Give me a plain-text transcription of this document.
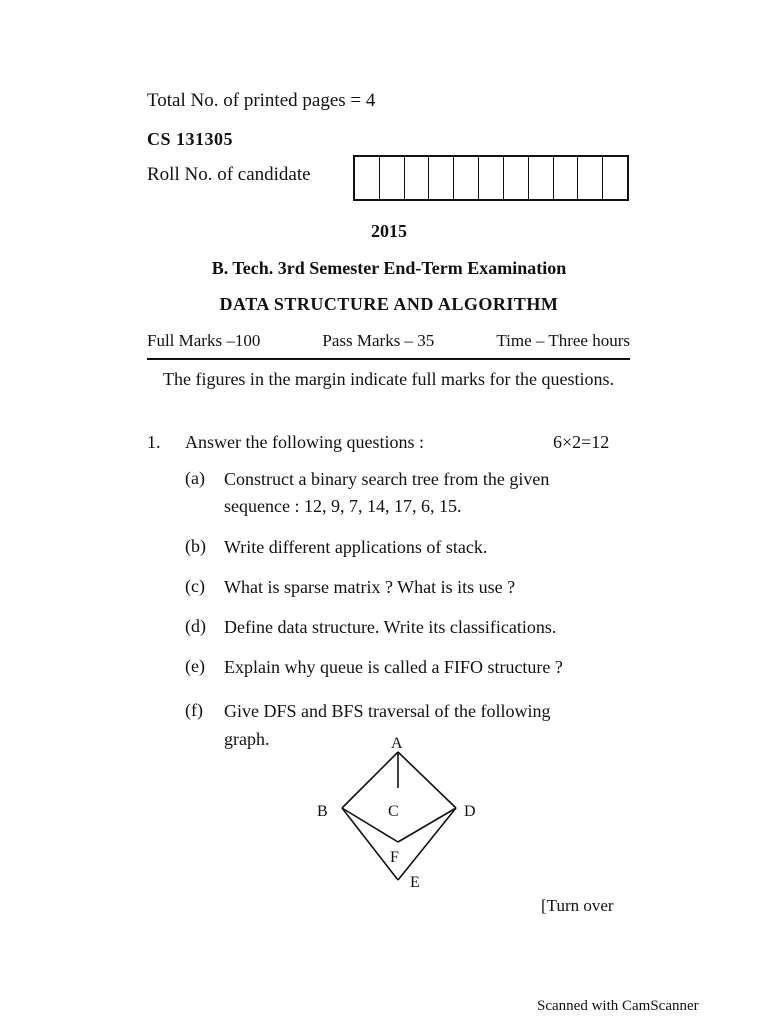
Total No. of printed pages = 4
CS 131305
Roll No. of candidate
2015
B. Tech. 3rd Semester End-Term Examination
DATA STRUCTURE AND ALGORITHM
Full Marks –100	Pass Marks – 35	Time – Three hours
The figures in the margin indicate full marks for the questions.
1. Answer the following questions :	6×2=12
(a) Construct a binary search tree from the given
sequence : 12, 9, 7, 14, 17, 6, 15.
(b) Write different applications of stack.
(c) What is sparse matrix ? What is its use ?
(d) Define data structure. Write its classifications.
(e) Explain why queue is called a FIFO structure ?
(f) Give DFS and BFS traversal of the following
graph.	A
B	C	D
E
F
[Turn over
Scanned with CamScanner
